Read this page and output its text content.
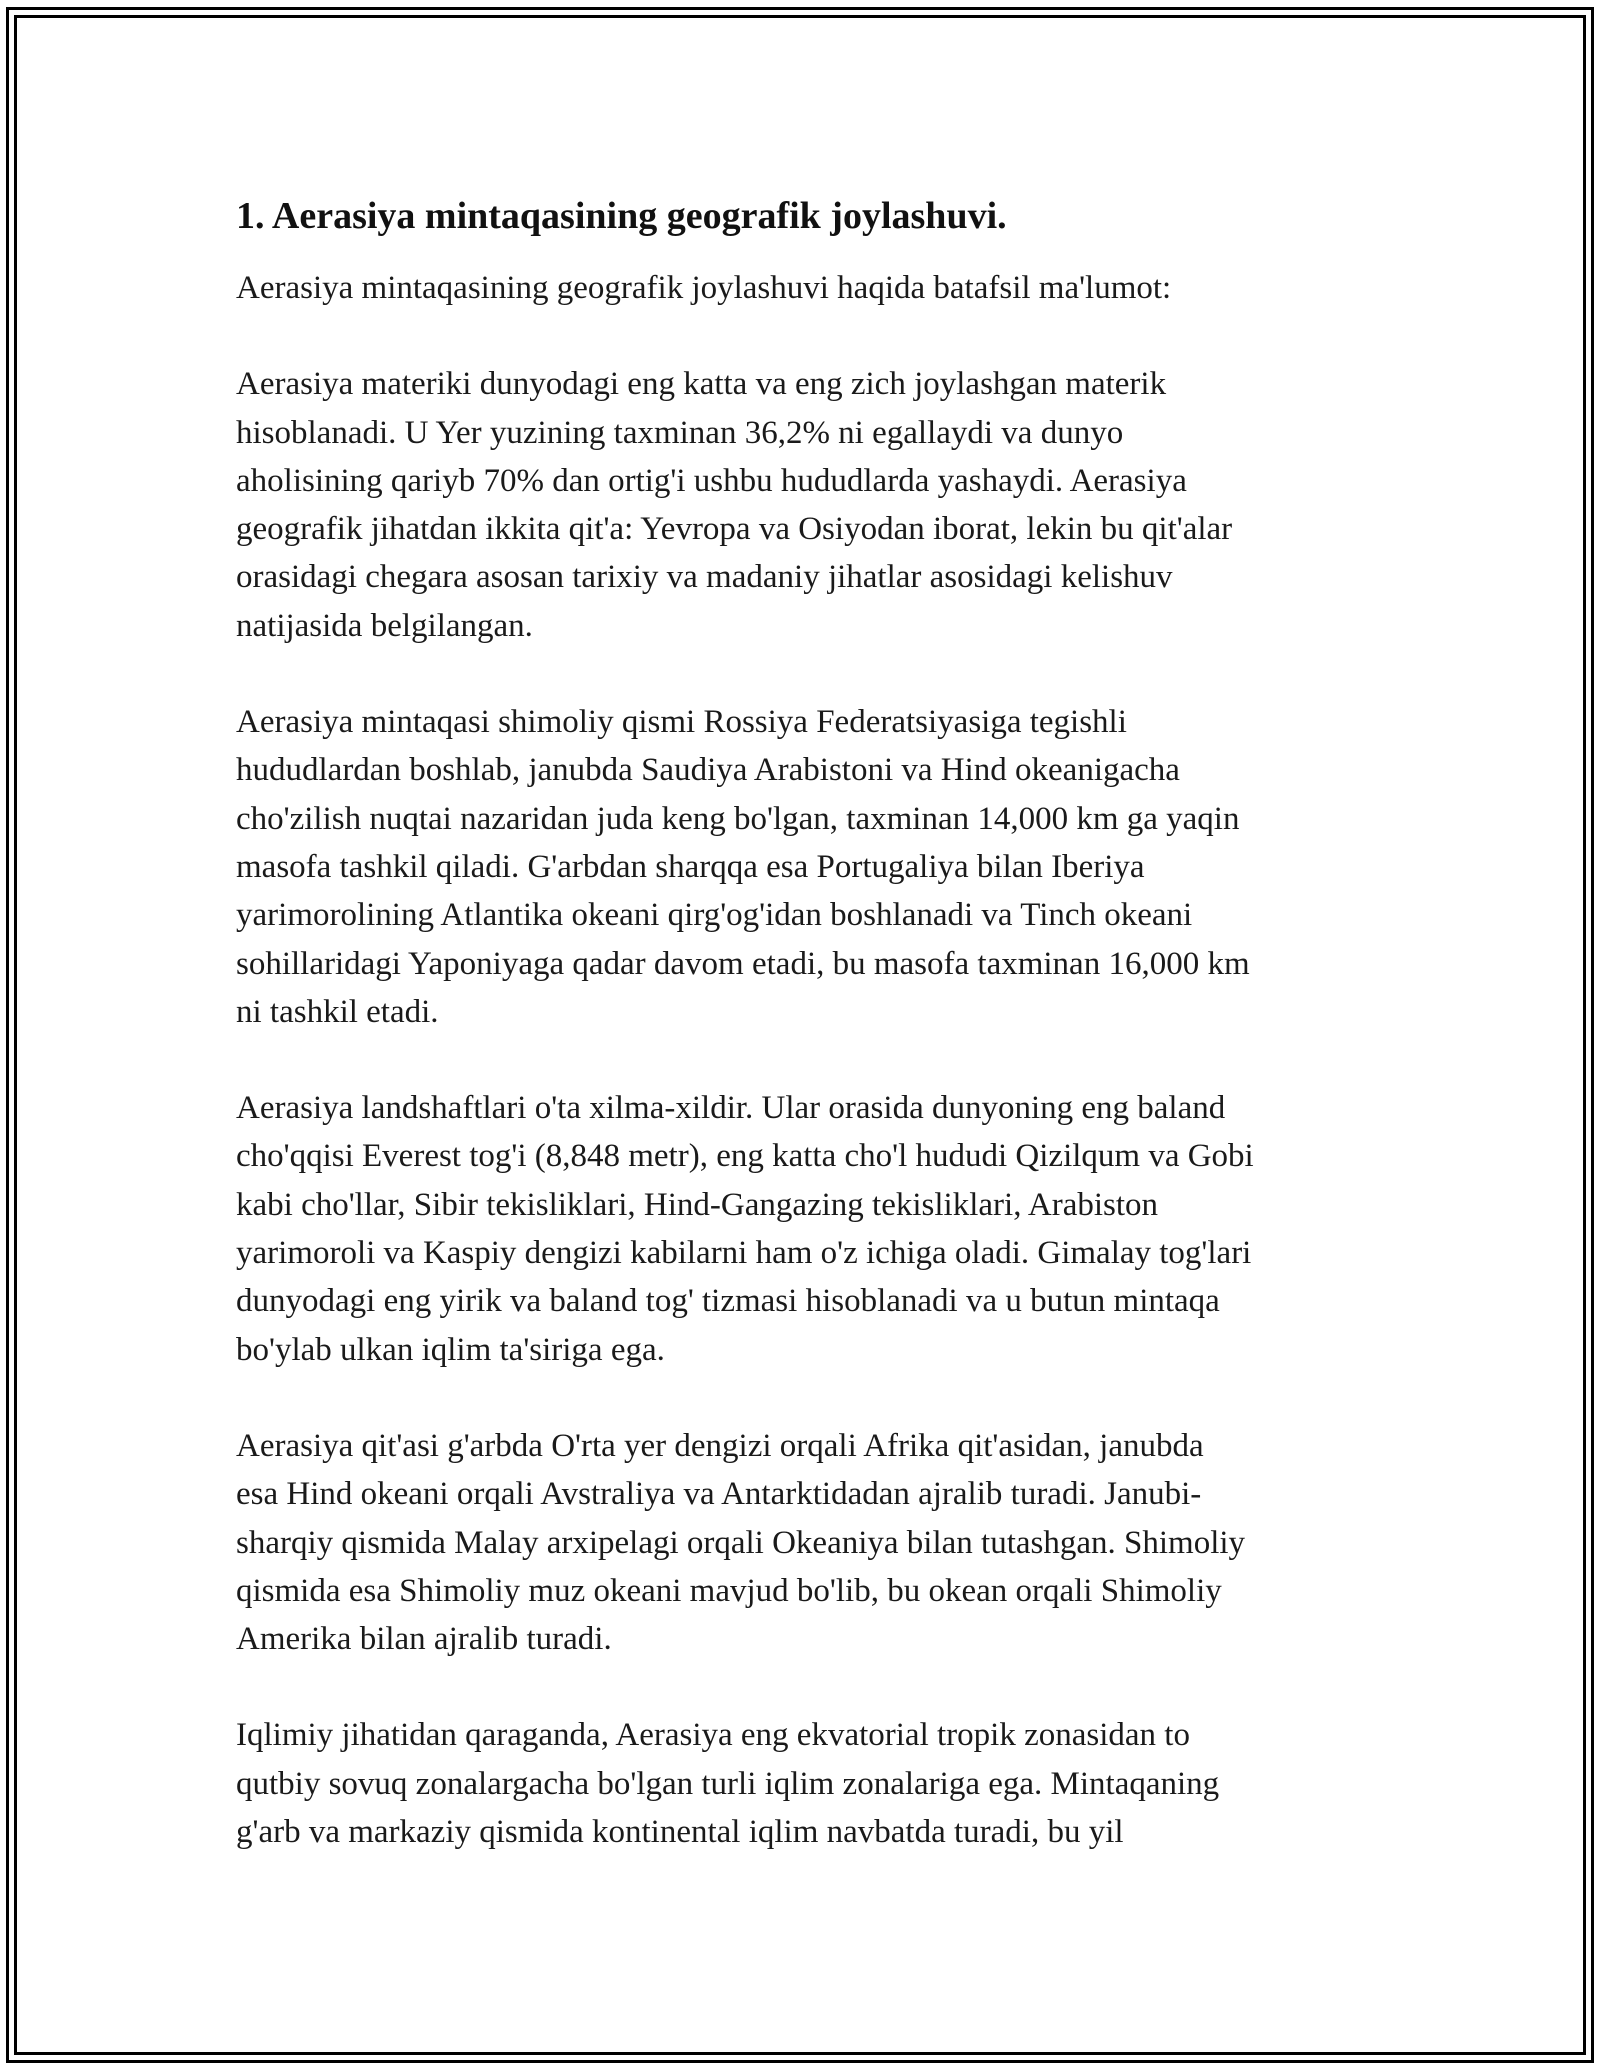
1. Aerasiya mintaqasining geografik joylashuvi.

Aerasiya mintaqasining geografik joylashuvi haqida batafsil ma'lumot:

Aerasiya materiki dunyodagi eng katta va eng zich joylashgan materik
hisoblanadi. U Yer yuzining taxminan 36,2% ni egallaydi va dunyo
aholisining qariyb 70% dan ortig'i ushbu hududlarda yashaydi. Aerasiya
geografik jihatdan ikkita qit'a: Yevropa va Osiyodan iborat, lekin bu qit'alar
orasidagi chegara asosan tarixiy va madaniy jihatlar asosidagi kelishuv
natijasida belgilangan.

Aerasiya mintaqasi shimoliy qismi Rossiya Federatsiyasiga tegishli
hududlardan boshlab, janubda Saudiya Arabistoni va Hind okeanigacha
cho'zilish nuqtai nazaridan juda keng bo'lgan, taxminan 14,000 km ga yaqin
masofa tashkil qiladi. G'arbdan sharqqa esa Portugaliya bilan Iberiya
yarimorolining Atlantika okeani qirg'og'idan boshlanadi va Tinch okeani
sohillaridagi Yaponiyaga qadar davom etadi, bu masofa taxminan 16,000 km
ni tashkil etadi.

Aerasiya landshaftlari o'ta xilma-xildir. Ular orasida dunyoning eng baland
cho'qqisi Everest tog'i (8,848 metr), eng katta cho'l hududi Qizilqum va Gobi
kabi cho'llar, Sibir tekisliklari, Hind-Gangazing tekisliklari, Arabiston
yarimoroli va Kaspiy dengizi kabilarni ham o'z ichiga oladi. Gimalay tog'lari
dunyodagi eng yirik va baland tog' tizmasi hisoblanadi va u butun mintaqa
bo'ylab ulkan iqlim ta'siriga ega.

Aerasiya qit'asi g'arbda O'rta yer dengizi orqali Afrika qit'asidan, janubda
esa Hind okeani orqali Avstraliya va Antarktidadan ajralib turadi. Janubi-
sharqiy qismida Malay arxipelagi orqali Okeaniya bilan tutashgan. Shimoliy
qismida esa Shimoliy muz okeani mavjud bo'lib, bu okean orqali Shimoliy
Amerika bilan ajralib turadi.

Iqlimiy jihatidan qaraganda, Aerasiya eng ekvatorial tropik zonasidan to
qutbiy sovuq zonalargacha bo'lgan turli iqlim zonalariga ega. Mintaqaning
g'arb va markaziy qismida kontinental iqlim navbatda turadi, bu yil
